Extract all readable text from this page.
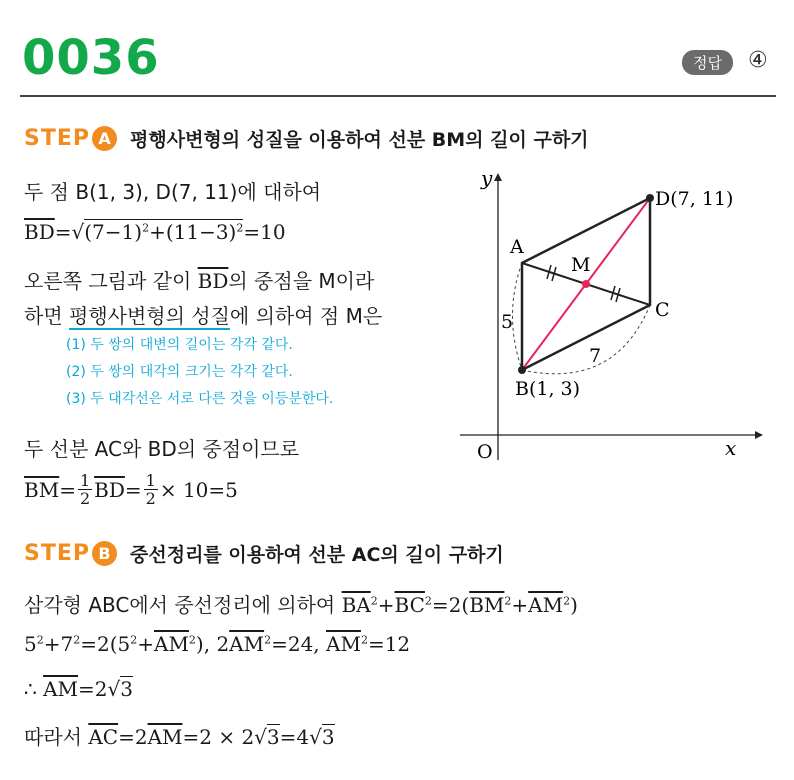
0036	정답	④
STEP A	평행사변형의 성질을 이용하여 선분 BM의 길이 구하기
두 점 B(1, 3), D(7, 11)에 대하여
$\overline{BD}=√(7-1)^2+(11-3)^2=10$
오른쪽 그림과 같이 $\overline{BD}$의 중점을 M이라
하면 평행사변형의 성질에 의하여 점 M은
(1) 두 쌍의 대변의 길이는 각각 같다.
(2) 두 쌍의 대각의 크기는 각각 같다.
(3) 두 대각선은 서로 다른 것을 이등분한다.
두 선분 AC와 BD의 중점이므로
$\overline{BM} = \frac{1}{2} \overline{BD} = \frac{1}{2} \times 10=5$
y
x
O
A
D(7, 11)
C
B(1, 3)
M
5
7
STEP B	중선정리를 이용하여 선분 AC의 길이 구하기
삼각형 ABC에서 중선정리에 의하여 $\overline{BA}^2+\overline{BC}^2=2(\overline{BM}^2+\overline{AM}^2)$
$5^2+7^2=2(5^2+\overline{AM}^2)$, $2\overline{AM}^2=24$, $\overline{AM}^2=12$
∴ $\overline{AM}=2√3$
따라서 $\overline{AC}=2\overline{AM}=2 \times 2√3=4√3$
